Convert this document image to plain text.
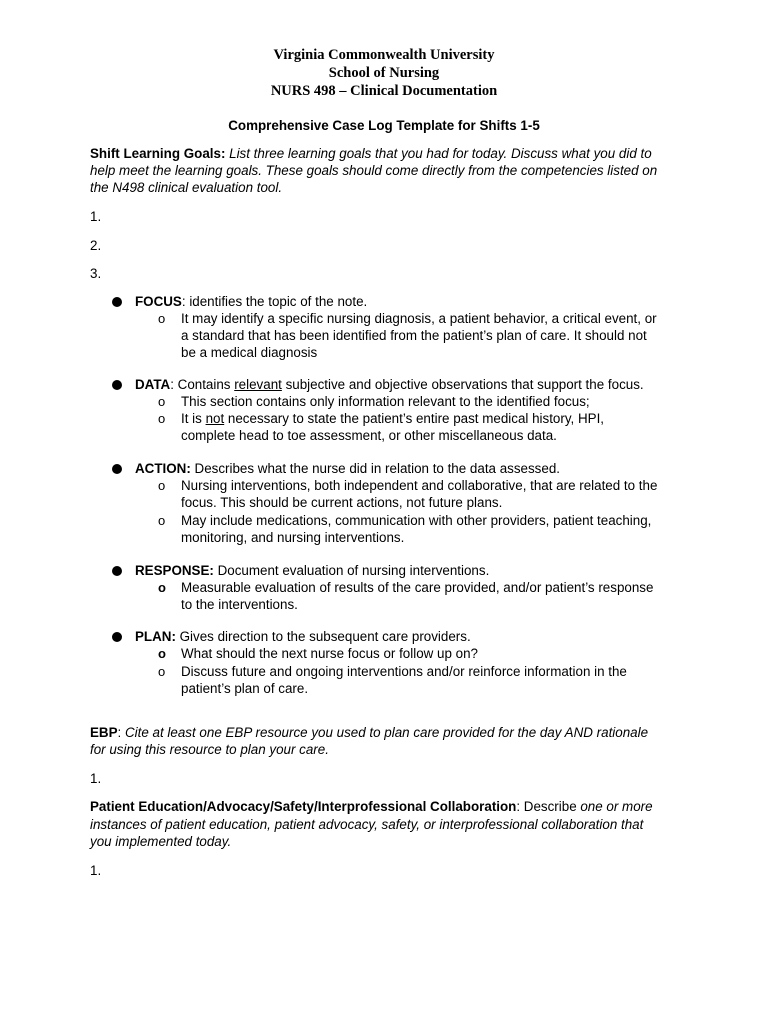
Virginia Commonwealth University
School of Nursing
NURS 498 – Clinical Documentation
Comprehensive Case Log Template for Shifts 1-5
Shift Learning Goals: List three learning goals that you had for today. Discuss what you did to
help meet the learning goals. These goals should come directly from the competencies listed on
the N498 clinical evaluation tool.
1.
2.
3.
FOCUS: identifies the topic of the note.
o It may identify a specific nursing diagnosis, a patient behavior, a critical event, or
a standard that has been identified from the patient’s plan of care. It should not
be a medical diagnosis
DATA: Contains relevant subjective and objective observations that support the focus.
o This section contains only information relevant to the identified focus;
o It is not necessary to state the patient’s entire past medical history, HPI,
complete head to toe assessment, or other miscellaneous data.
ACTION: Describes what the nurse did in relation to the data assessed.
o Nursing interventions, both independent and collaborative, that are related to the
focus. This should be current actions, not future plans.
o May include medications, communication with other providers, patient teaching,
monitoring, and nursing interventions.
RESPONSE: Document evaluation of nursing interventions.
o Measurable evaluation of results of the care provided, and/or patient’s response
to the interventions.
PLAN: Gives direction to the subsequent care providers.
o What should the next nurse focus or follow up on?
o Discuss future and ongoing interventions and/or reinforce information in the
patient’s plan of care.
EBP: Cite at least one EBP resource you used to plan care provided for the day AND rationale
for using this resource to plan your care.
1.
Patient Education/Advocacy/Safety/Interprofessional Collaboration: Describe one or more
instances of patient education, patient advocacy, safety, or interprofessional collaboration that
you implemented today.
1.
